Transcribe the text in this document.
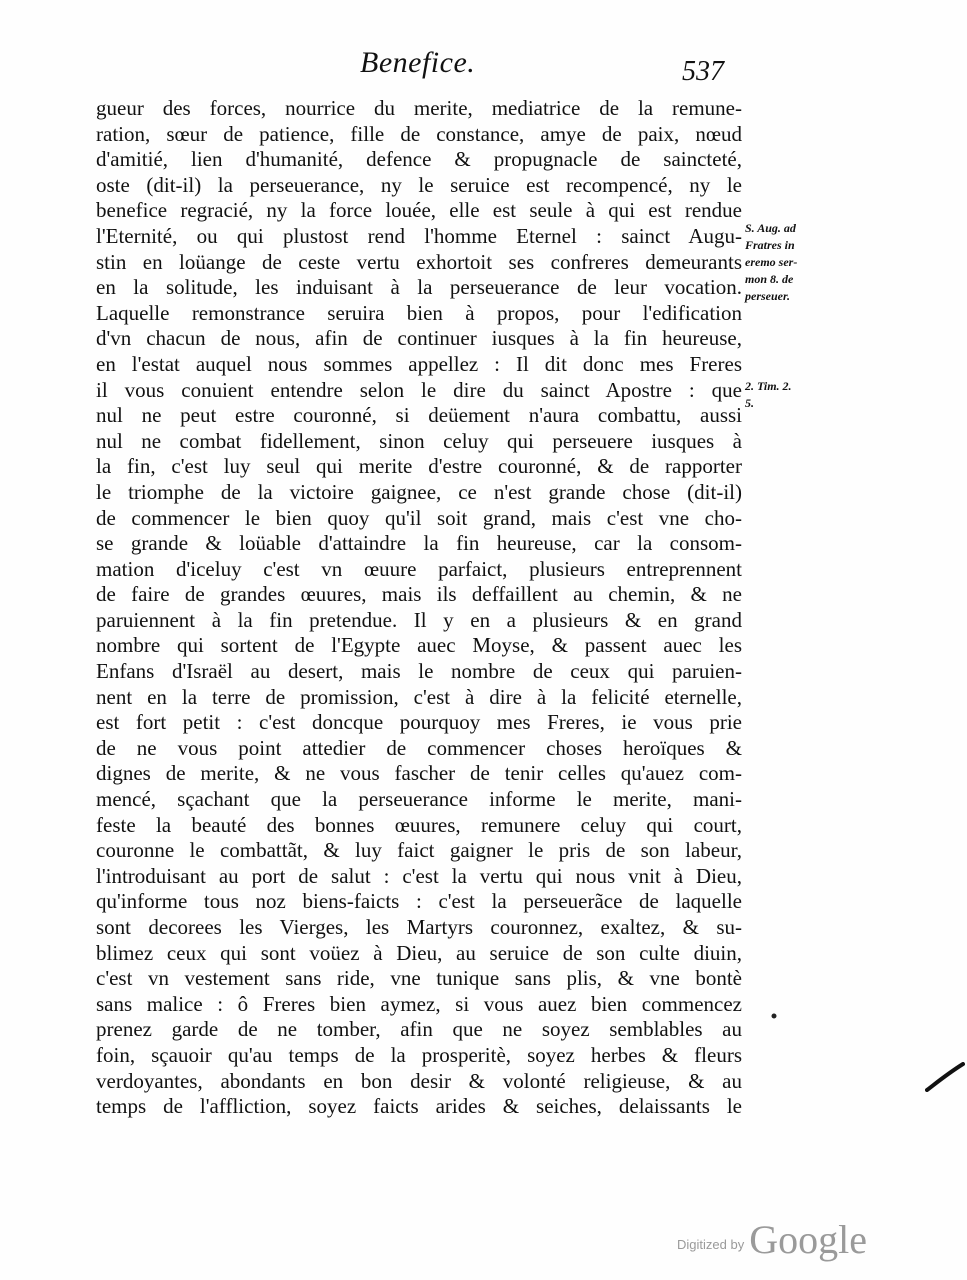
Benefice.	537
gueur des forces, nourrice du merite, mediatrice de la remune-
ration, sœur de patience, fille de constance, amye de paix, nœud
d'amitié, lien d'humanité, defence & propugnacle de saincteté,
oste (dit-il) la perseuerance, ny le seruice est recompencé, ny le
benefice regracié, ny la force louée, elle est seule à qui est rendue
l'Eternité, ou qui plustost rend l'homme Eternel : sainct Augu-
stin en loüange de ceste vertu exhortoit ses confreres demeurants
en la solitude, les induisant à la perseuerance de leur vocation.
Laquelle remonstrance seruira bien à propos, pour l'edification
d'vn chacun de nous, afin de continuer iusques à la fin heureuse,
en l'estat auquel nous sommes appellez : Il dit donc mes Freres
il vous conuient entendre selon le dire du sainct Apostre : que
nul ne peut estre couronné, si deüement n'aura combattu, aussi
nul ne combat fidellement, sinon celuy qui perseuere iusques à
la fin, c'est luy seul qui merite d'estre couronné, & de rapporter
le triomphe de la victoire gaignee, ce n'est grande chose (dit-il)
de commencer le bien quoy qu'il soit grand, mais c'est vne cho-
se grande & loüable d'attaindre la fin heureuse, car la consom-
mation d'iceluy c'est vn œuure parfaict, plusieurs entreprennent
de faire de grandes œuures, mais ils deffaillent au chemin, & ne
paruiennent à la fin pretendue. Il y en a plusieurs & en grand
nombre qui sortent de l'Egypte auec Moyse, & passent auec les
Enfans d'Israël au desert, mais le nombre de ceux qui paruien-
nent en la terre de promission, c'est à dire à la felicité eternelle,
est fort petit : c'est doncque pourquoy mes Freres, ie vous prie
de ne vous point attedier de commencer choses heroïques &
dignes de merite, & ne vous fascher de tenir celles qu'auez com-
mencé, sçachant que la perseuerance informe le merite, mani-
feste la beauté des bonnes œuures, remunere celuy qui court,
couronne le combattãt, & luy faict gaigner le pris de son labeur,
l'introduisant au port de salut : c'est la vertu qui nous vnit à Dieu,
qu'informe tous noz biens-faicts : c'est la perseuerãce de laquelle
sont decorees les Vierges, les Martyrs couronnez, exaltez, & su-
blimez ceux qui sont voüez à Dieu, au seruice de son culte diuin,
c'est vn vestement sans ride, vne tunique sans plis, & vne bontè
sans malice : ô Freres bien aymez, si vous auez bien commencez
prenez garde de ne tomber, afin que ne soyez semblables au
foin, sçauoir qu'au temps de la prosperitè, soyez herbes & fleurs
verdoyantes, abondants en bon desir & volonté religieuse, & au
temps de l'affliction, soyez faicts arides & seiches, delaissants le
S. Aug. ad
Fratres in
eremo ser-
mon 8. de
perseuer.
2. Tim. 2.
5.
$^{Digitized by}$ Google
